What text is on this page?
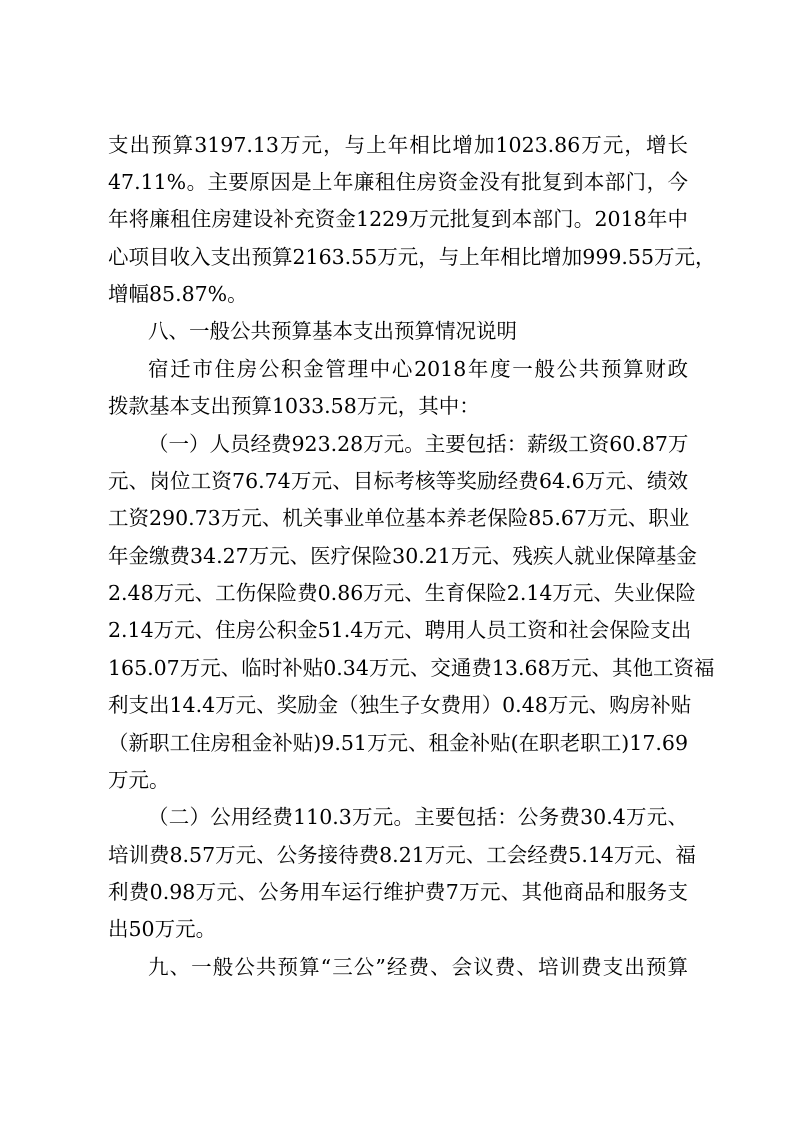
支出预算3197.13万元，与上年相比增加1023.86万元，增长
47.11%。主要原因是上年廉租住房资金没有批复到本部门，今
年将廉租住房建设补充资金1229万元批复到本部门。2018年中
心项目收入支出预算2163.55万元，与上年相比增加999.55万元，
增幅85.87%。
八、一般公共预算基本支出预算情况说明
宿迁市住房公积金管理中心2018年度一般公共预算财政
拨款基本支出预算1033.58万元，其中：
（一）人员经费923.28万元。主要包括：薪级工资60.87万
元、岗位工资76.74万元、目标考核等奖励经费64.6万元、绩效
工资290.73万元、机关事业单位基本养老保险85.67万元、职业
年金缴费34.27万元、医疗保险30.21万元、残疾人就业保障基金
2.48万元、工伤保险费0.86万元、生育保险2.14万元、失业保险
2.14万元、住房公积金51.4万元、聘用人员工资和社会保险支出
165.07万元、临时补贴0.34万元、交通费13.68万元、其他工资福
利支出14.4万元、奖励金（独生子女费用）0.48万元、购房补贴
（新职工住房租金补贴)9.51万元、租金补贴(在职老职工)17.69
万元。
（二）公用经费110.3万元。主要包括：公务费30.4万元、
培训费8.57万元、公务接待费8.21万元、工会经费5.14万元、福
利费0.98万元、公务用车运行维护费7万元、其他商品和服务支
出50万元。
九、一般公共预算“三公”经费、会议费、培训费支出预算
